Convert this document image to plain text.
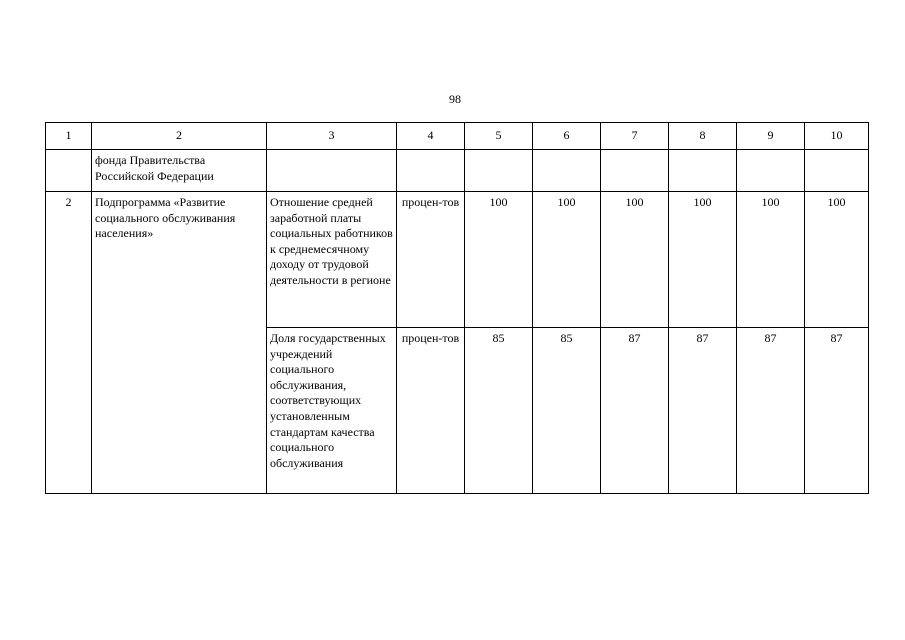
98
1	2	3	4	5	6	7	8	9	10
	фонда Правительства Российской Федерации								
2	Подпрограмма «Развитие социального обслуживания населения»	Отношение средней заработной платы социальных работников к среднемесячному доходу от трудовой деятельности в регионе	процен-тов	100	100	100	100	100	100
		Доля государственных учреждений социального обслуживания, соответствующих установленным стандартам качества социального обслуживания	процен-тов	85	85	87	87	87	87
